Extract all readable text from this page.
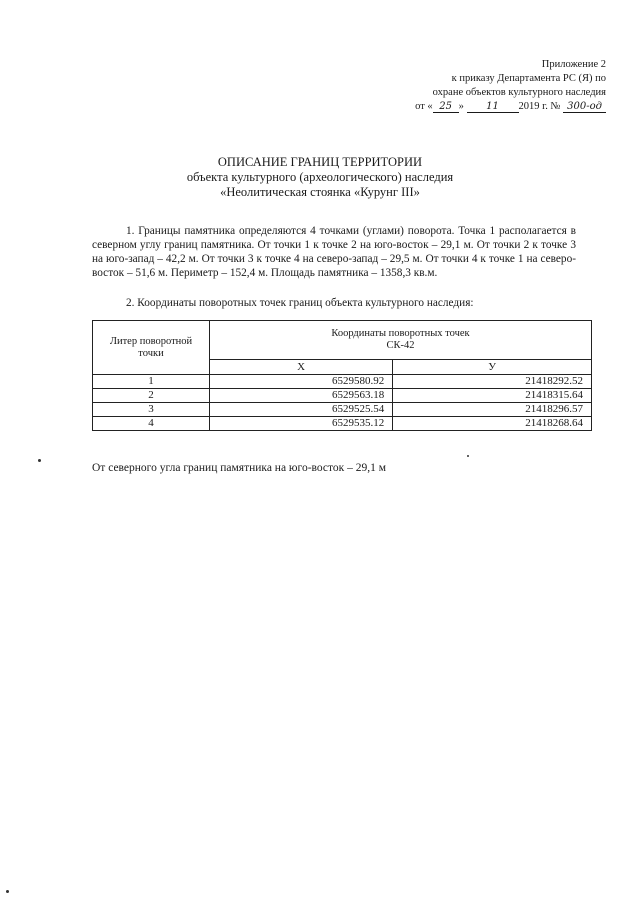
Приложение 2
к приказу Департамента РС (Я) по
охране объектов культурного наследия
от « 25 » 11 2019 г. № 300-од
ОПИСАНИЕ ГРАНИЦ ТЕРРИТОРИИ
объекта культурного (археологического) наследия
«Неолитическая стоянка «Курунг III»
1. Границы памятника определяются 4 точками (углами) поворота. Точка 1 располагается в северном углу границ памятника. От точки 1 к точке 2 на юго-восток – 29,1 м. От точки 2 к точке 3 на юго-запад – 42,2 м. От точки 3 к точке 4 на северо-запад – 29,5 м. От точки 4 к точке 1 на северо-восток – 51,6 м. Периметр – 152,4 м. Площадь памятника – 1358,3 кв.м.
2. Координаты поворотных точек границ объекта культурного наследия:
Литер поворотной точки	Координаты поворотных точек
СК-42	

	X	У
1	6529580.92	21418292.52
2	6529563.18	21418315.64
3	6529525.54	21418296.57
4	6529535.12	21418268.64
От северного угла границ памятника на юго-восток – 29,1 м
